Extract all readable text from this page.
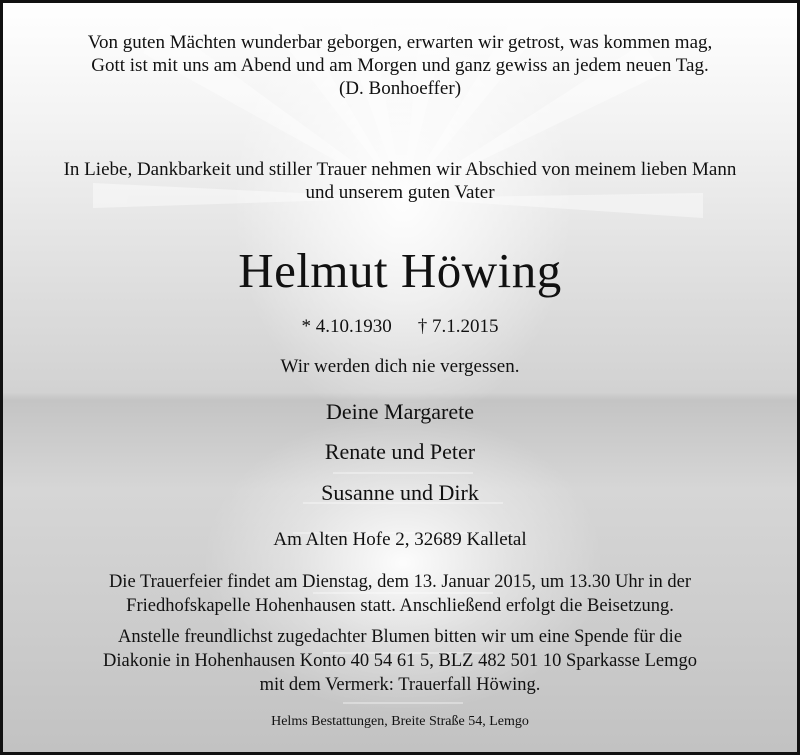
Von guten Mächten wunderbar geborgen, erwarten wir getrost, was kommen mag,

Gott ist mit uns am Abend und am Morgen und ganz gewiss an jedem neuen Tag.

(D. Bonhoeffer)

In Liebe, Dankbarkeit und stiller Trauer nehmen wir Abschied von meinem lieben Mann

und unserem guten Vater

Helmut Höwing

* 4.10.1930 † 7.1.2015

Wir werden dich nie vergessen.

Deine Margarete

Renate und Peter

Susanne und Dirk

Am Alten Hofe 2, 32689 Kalletal

Die Trauerfeier findet am Dienstag, dem 13. Januar 2015, um 13.30 Uhr in der

Friedhofskapelle Hohenhausen statt. Anschließend erfolgt die Beisetzung.

Anstelle freundlichst zugedachter Blumen bitten wir um eine Spende für die

Diakonie in Hohenhausen Konto 40 54 61 5, BLZ 482 501 10 Sparkasse Lemgo

mit dem Vermerk: Trauerfall Höwing.

Helms Bestattungen, Breite Straße 54, Lemgo
